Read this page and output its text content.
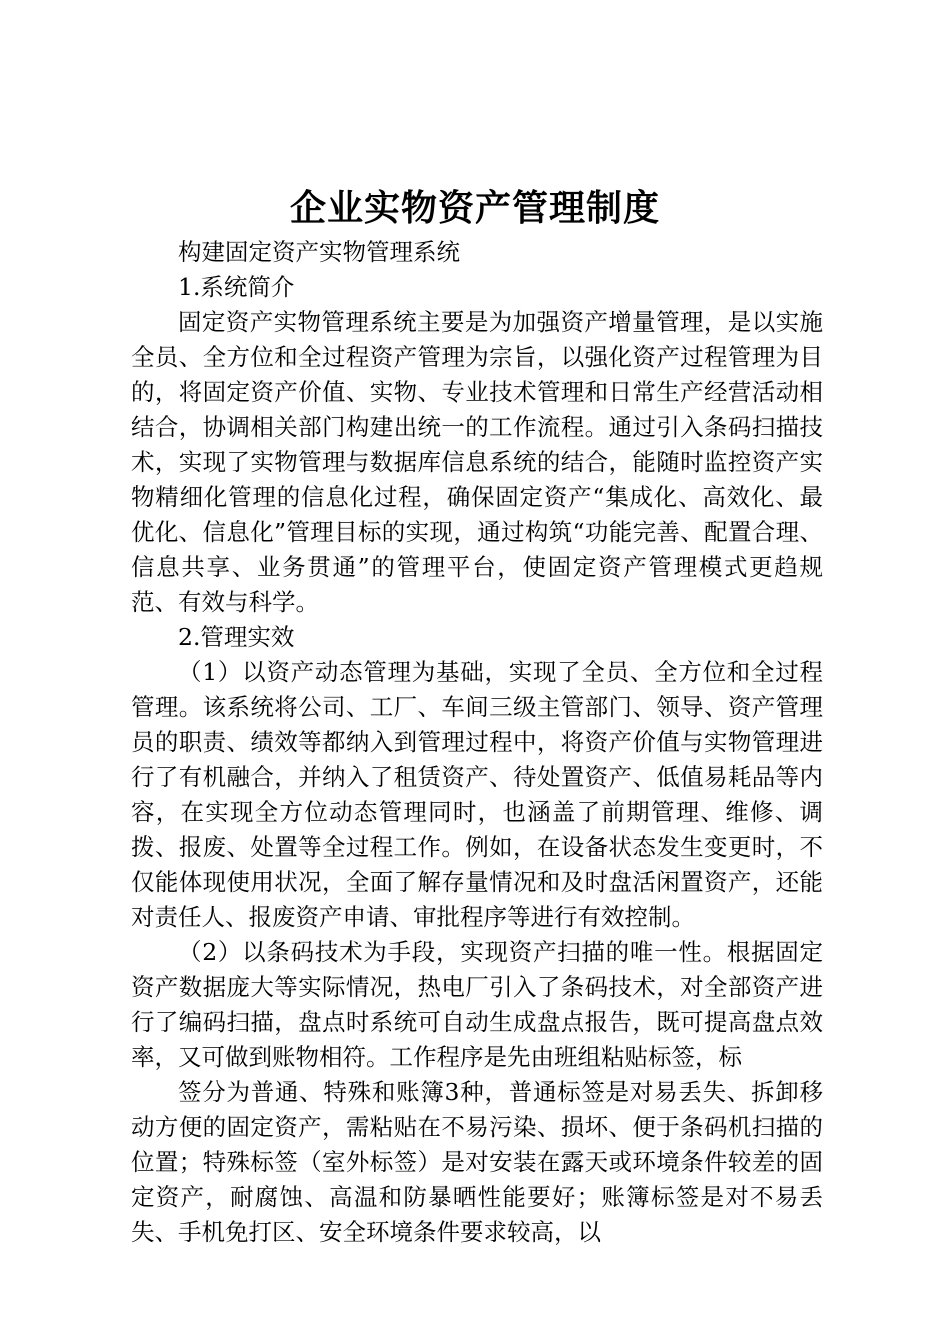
企业实物资产管理制度

构建固定资产实物管理系统

1.系统简介

固定资产实物管理系统主要是为加强资产增量管理，是以实施全员、全方位和全过程资产管理为宗旨，以强化资产过程管理为目的，将固定资产价值、实物、专业技术管理和日常生产经营活动相结合，协调相关部门构建出统一的工作流程。通过引入条码扫描技术，实现了实物管理与数据库信息系统的结合，能随时监控资产实物精细化管理的信息化过程，确保固定资产“集成化、高效化、最优化、信息化”管理目标的实现，通过构筑“功能完善、配置合理、信息共享、业务贯通”的管理平台，使固定资产管理模式更趋规范、有效与科学。

2.管理实效

（1）以资产动态管理为基础，实现了全员、全方位和全过程管理。该系统将公司、工厂、车间三级主管部门、领导、资产管理员的职责、绩效等都纳入到管理过程中，将资产价值与实物管理进行了有机融合，并纳入了租赁资产、待处置资产、低值易耗品等内容，在实现全方位动态管理同时，也涵盖了前期管理、维修、调拨、报废、处置等全过程工作。例如，在设备状态发生变更时，不仅能体现使用状况，全面了解存量情况和及时盘活闲置资产，还能对责任人、报废资产申请、审批程序等进行有效控制。

（2）以条码技术为手段，实现资产扫描的唯一性。根据固定资产数据庞大等实际情况，热电厂引入了条码技术，对全部资产进行了编码扫描，盘点时系统可自动生成盘点报告，既可提高盘点效率，又可做到账物相符。工作程序是先由班组粘贴标签，标

签分为普通、特殊和账簿3种，普通标签是对易丢失、拆卸移动方便的固定资产，需粘贴在不易污染、损坏、便于条码机扫描的位置；特殊标签（室外标签）是对安装在露天或环境条件较差的固定资产，耐腐蚀、高温和防暴晒性能要好；账簿标签是对不易丢失、手机免打区、安全环境条件要求较高，以
